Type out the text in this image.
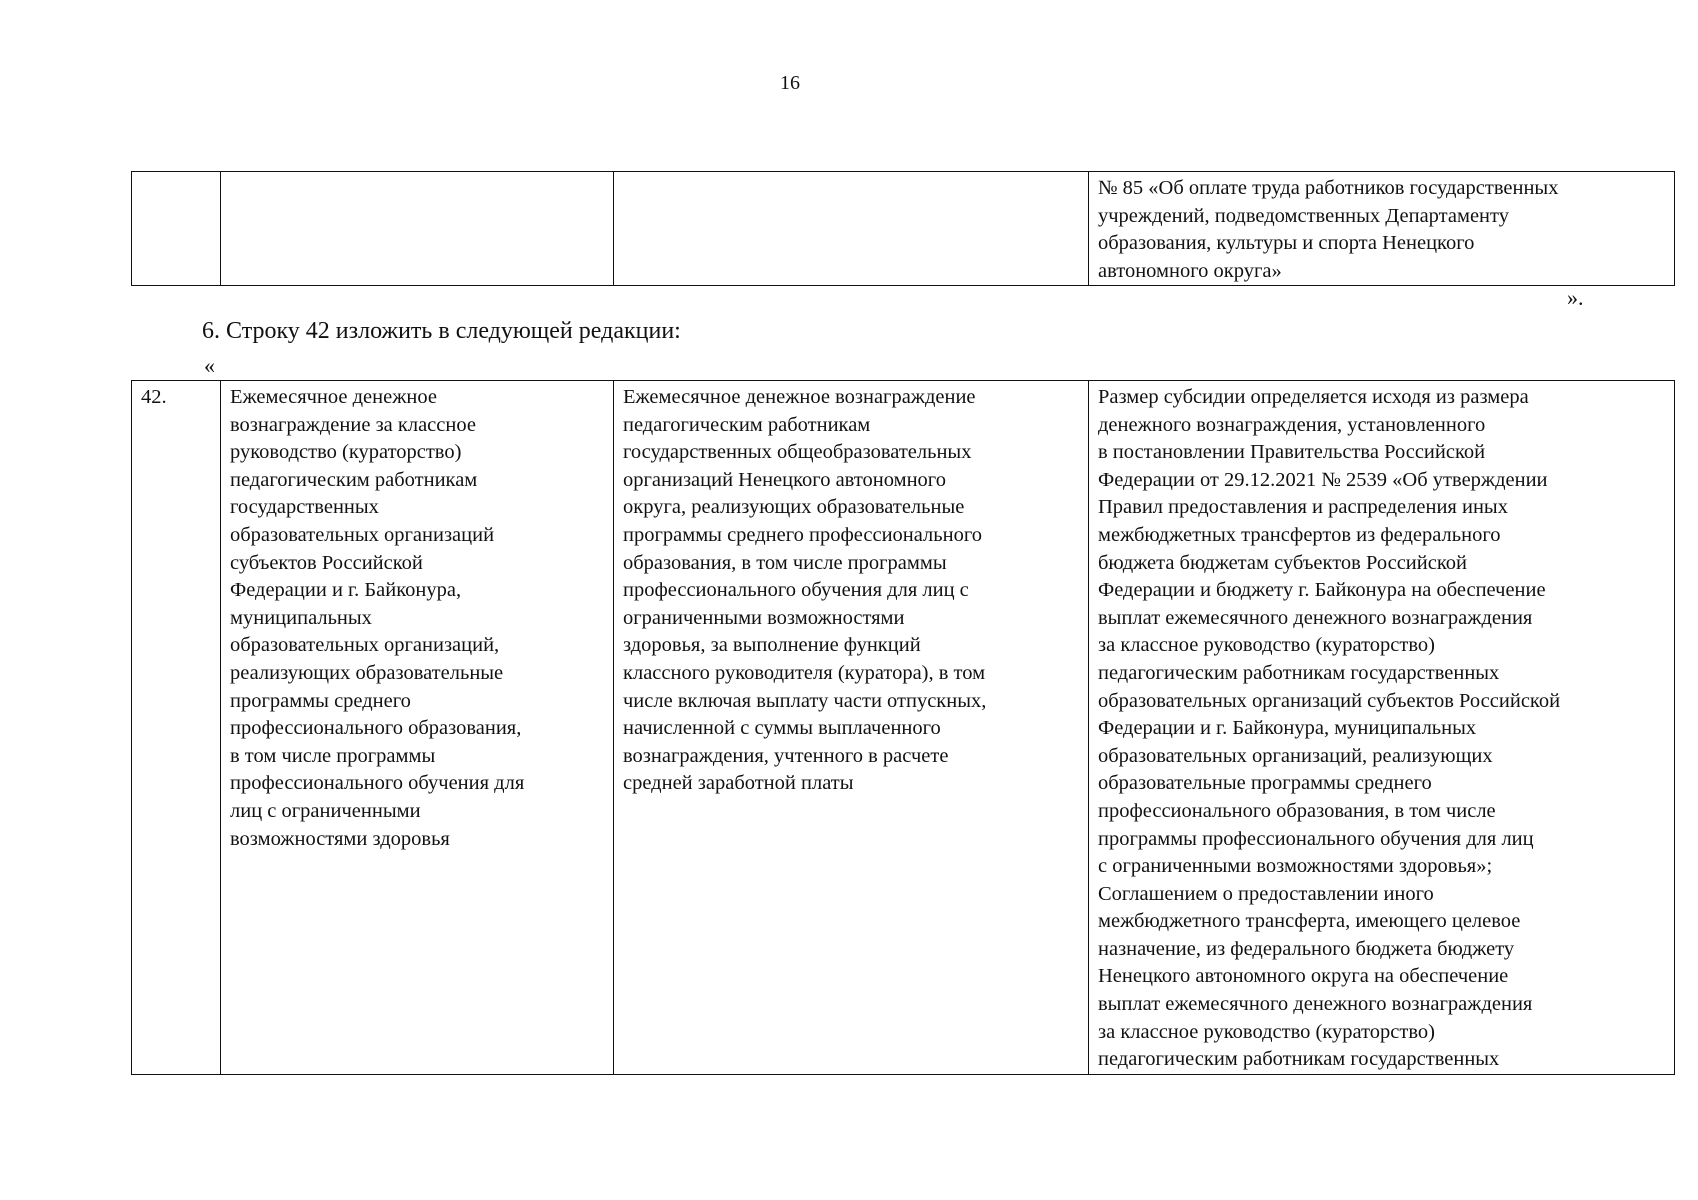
16
			№ 85 «Об оплате труда работников государственных
учреждений, подведомственных Департаменту
образования, культуры и спорта Ненецкого
автономного округа»
».
6. Строку 42 изложить в следующей редакции:
«
42.	Ежемесячное денежное
вознаграждение за классное
руководство (кураторство)
педагогическим работникам
государственных
образовательных организаций
субъектов Российской
Федерации и г. Байконура,
муниципальных
образовательных организаций,
реализующих образовательные
программы среднего
профессионального образования,
в том числе программы
профессионального обучения для
лиц с ограниченными
возможностями здоровья	Ежемесячное денежное вознаграждение
педагогическим работникам
государственных общеобразовательных
организаций Ненецкого автономного
округа, реализующих образовательные
программы среднего профессионального
образования, в том числе программы
профессионального обучения для лиц с
ограниченными возможностями
здоровья, за выполнение функций
классного руководителя (куратора), в том
числе включая выплату части отпускных,
начисленной с суммы выплаченного
вознаграждения, учтенного в расчете
средней заработной платы	Размер субсидии определяется исходя из размера
денежного вознаграждения, установленного
в постановлении Правительства Российской
Федерации от 29.12.2021 № 2539 «Об утверждении
Правил предоставления и распределения иных
межбюджетных трансфертов из федерального
бюджета бюджетам субъектов Российской
Федерации и бюджету г. Байконура на обеспечение
выплат ежемесячного денежного вознаграждения
за классное руководство (кураторство)
педагогическим работникам государственных
образовательных организаций субъектов Российской
Федерации и г. Байконура, муниципальных
образовательных организаций, реализующих
образовательные программы среднего
профессионального образования, в том числе
программы профессионального обучения для лиц
с ограниченными возможностями здоровья»;
Соглашением о предоставлении иного
межбюджетного трансферта, имеющего целевое
назначение, из федерального бюджета бюджету
Ненецкого автономного округа на обеспечение
выплат ежемесячного денежного вознаграждения
за классное руководство (кураторство)
педагогическим работникам государственных
